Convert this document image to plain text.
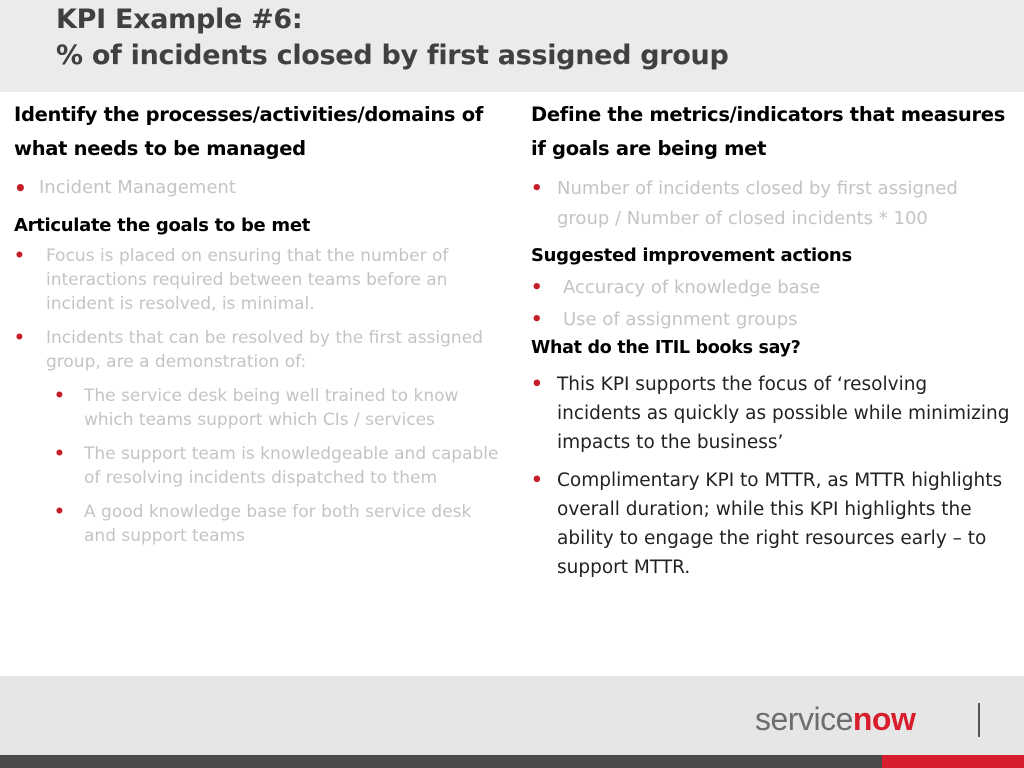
KPI Example #6:
% of incidents closed by first assigned group

Identify the processes/activities/domains of
what needs to be managed

• Incident Management

Articulate the goals to be met

• Focus is placed on ensuring that the number of interactions required between teams before an incident is resolved, is minimal.
• Incidents that can be resolved by the first assigned group, are a demonstration of:
• The service desk being well trained to know which teams support which CIs / services
• The support team is knowledgeable and capable of resolving incidents dispatched to them
• A good knowledge base for both service desk and support teams

Define the metrics/indicators that measures
if goals are being met

• Number of incidents closed by first assigned group / Number of closed incidents * 100

Suggested improvement actions

• Accuracy of knowledge base
• Use of assignment groups

What do the ITIL books say?

• This KPI supports the focus of ‘resolving incidents as quickly as possible while minimizing impacts to the business’
• Complimentary KPI to MTTR, as MTTR highlights overall duration; while this KPI highlights the ability to engage the right resources early – to support MTTR.
servicenow
